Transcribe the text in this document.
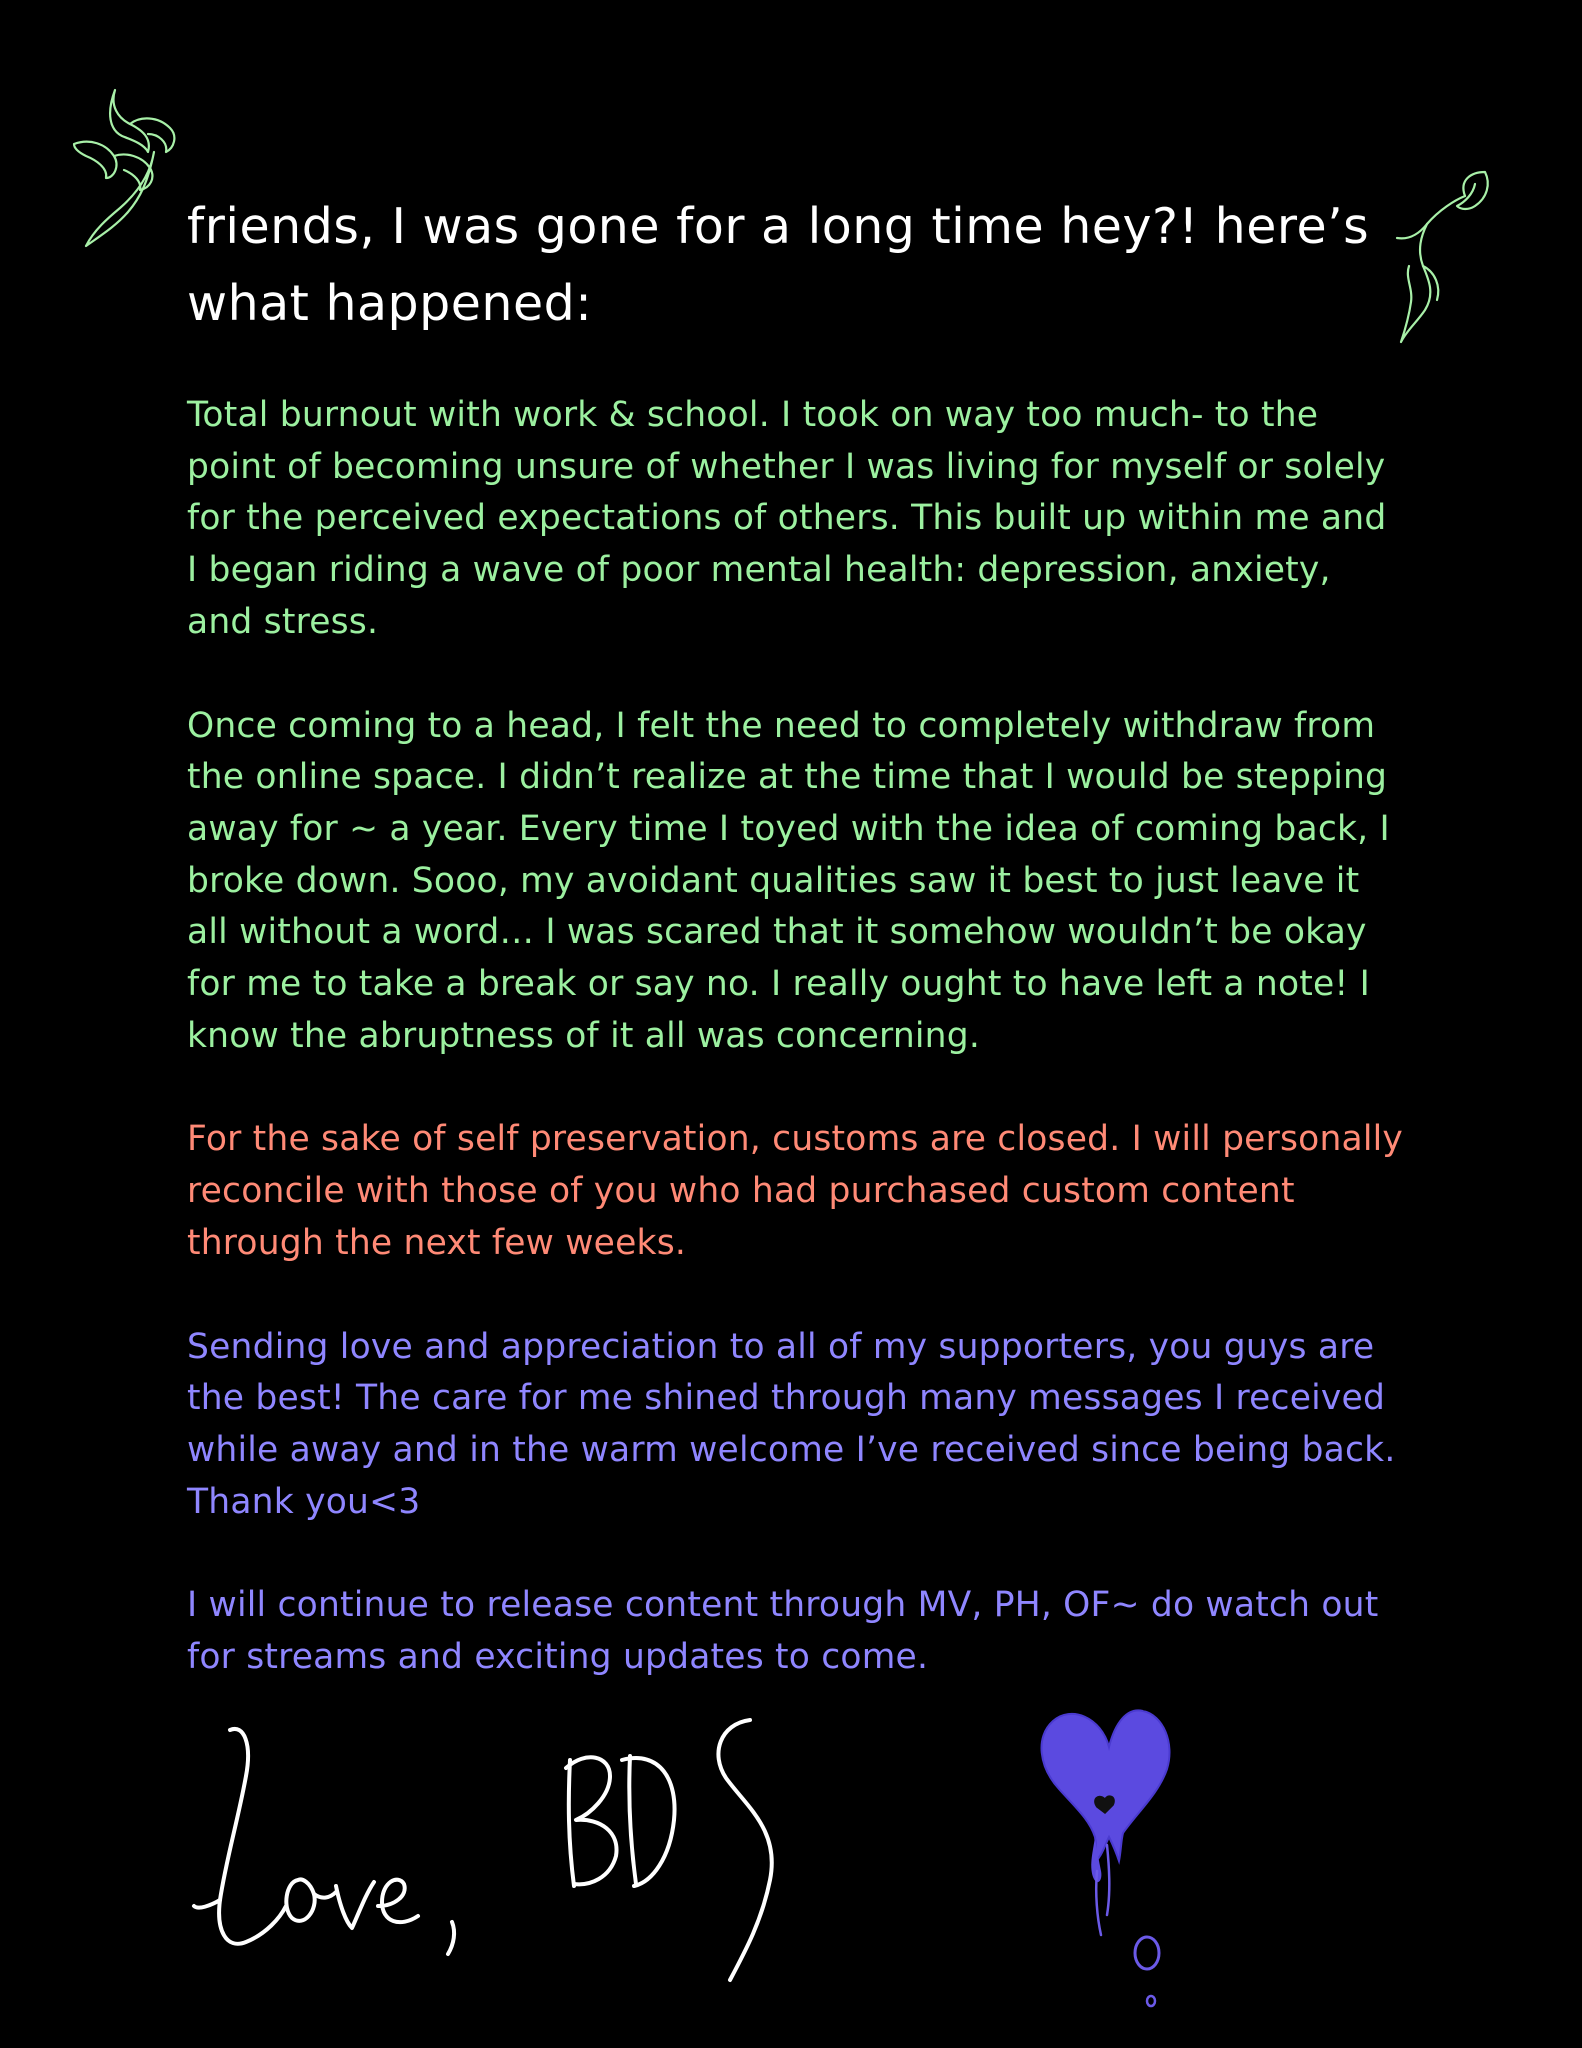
friends, I was gone for a long time hey?! here’s
what happened:

Total burnout with work & school. I took on way too much- to the
point of becoming unsure of whether I was living for myself or solely
for the perceived expectations of others. This built up within me and
I began riding a wave of poor mental health: depression, anxiety,
and stress.

Once coming to a head, I felt the need to completely withdraw from
the online space. I didn’t realize at the time that I would be stepping
away for ~ a year. Every time I toyed with the idea of coming back, I
broke down. Sooo, my avoidant qualities saw it best to just leave it
all without a word… I was scared that it somehow wouldn’t be okay
for me to take a break or say no. I really ought to have left a note! I
know the abruptness of it all was concerning.

For the sake of self preservation, customs are closed. I will personally
reconcile with those of you who had purchased custom content
through the next few weeks.

Sending love and appreciation to all of my supporters, you guys are
the best! The care for me shined through many messages I received
while away and in the warm welcome I’ve received since being back.
Thank you<3

I will continue to release content through MV, PH, OF~ do watch out
for streams and exciting updates to come.
